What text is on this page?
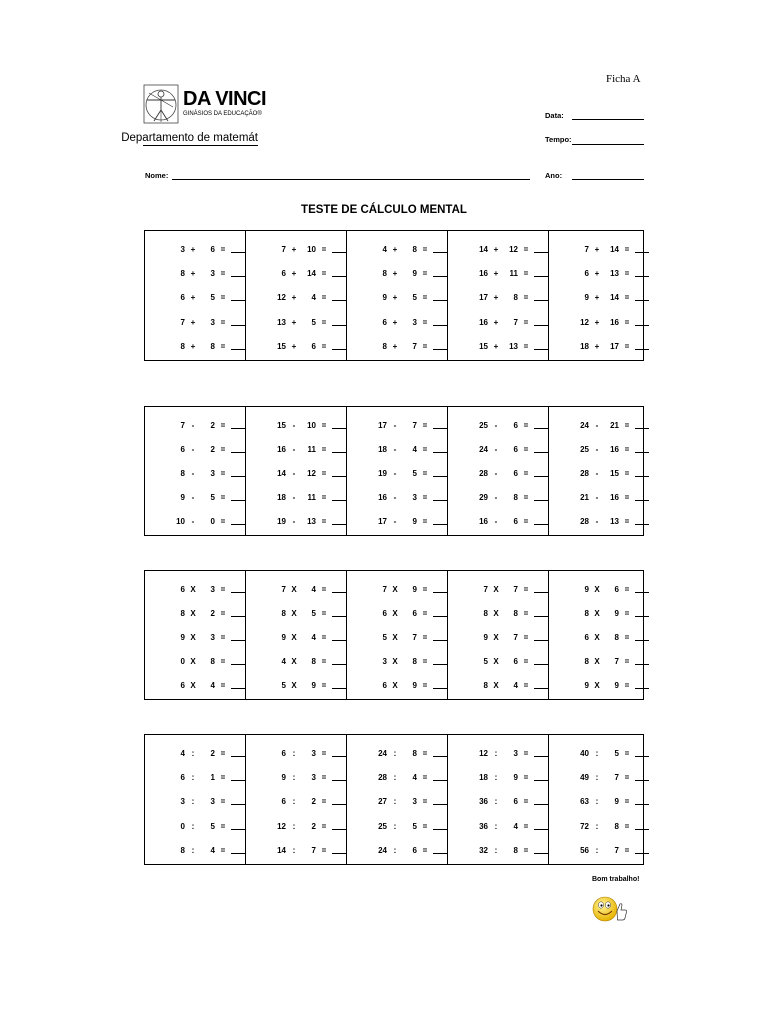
Ficha A
DA VINCI
GINÁSIOS DA EDUCAÇÃO®
Departamento de matemát
Data:
Tempo:
Nome:	Ano:
TESTE DE CÁLCULO MENTAL
3 +	6 =
8 +	3 =
6 +	5 =
7 +	3 =
8 +	8 =
7 +	10 =
6 +	14 =
12 +	4 =
13 +	5 =
15 +	6 =
4 +	8 =
8 +	9 =
9 +	5 =
6 +	3 =
8 +	7 =
14 +	12 =
16 +	11 =
17 +	8 =
16 +	7 =
15 +	13 =
7 +	14 =
6 +	13 =
9 +	14 =
12 +	16 =
18 +	17 =
7 -	2 =
6 -	2 =
8 -	3 =
9 -	5 =
10 -	0 =
15 -	10 =
16 -	11 =
14 -	12 =
18 -	11 =
19 -	13 =
17 -	7 =
18 -	4 =
19 -	5 =
16 -	3 =
17 -	9 =
25 -	6 =
24 -	6 =
28 -	6 =
29 -	8 =
16 -	6 =
24 -	21 =
25 -	16 =
28 -	15 =
21 -	16 =
28 -	13 =
6 X	3 =
8 X	2 =
9 X	3 =
0 X	8 =
6 X	4 =
7 X	4 =
8 X	5 =
9 X	4 =
4 X	8 =
5 X	9 =
7 X	9 =
6 X	6 =
5 X	7 =
3 X	8 =
6 X	9 =
7 X	7 =
8 X	8 =
9 X	7 =
5 X	6 =
8 X	4 =
9 X	6 =
8 X	9 =
6 X	8 =
8 X	7 =
9 X	9 =
4 :	2 =
6 :	1 =
3 :	3 =
0 :	5 =
8 :	4 =
6 :	3 =
9 :	3 =
6 :	2 =
12 :	2 =
14 :	7 =
24 :	8 =
28 :	4 =
27 :	3 =
25 :	5 =
24 :	6 =
12 :	3 =
18 :	9 =
36 :	6 =
36 :	4 =
32 :	8 =
40 :	5 =
49 :	7 =
63 :	9 =
72 :	8 =
56 :	7 =
Bom trabalho!
